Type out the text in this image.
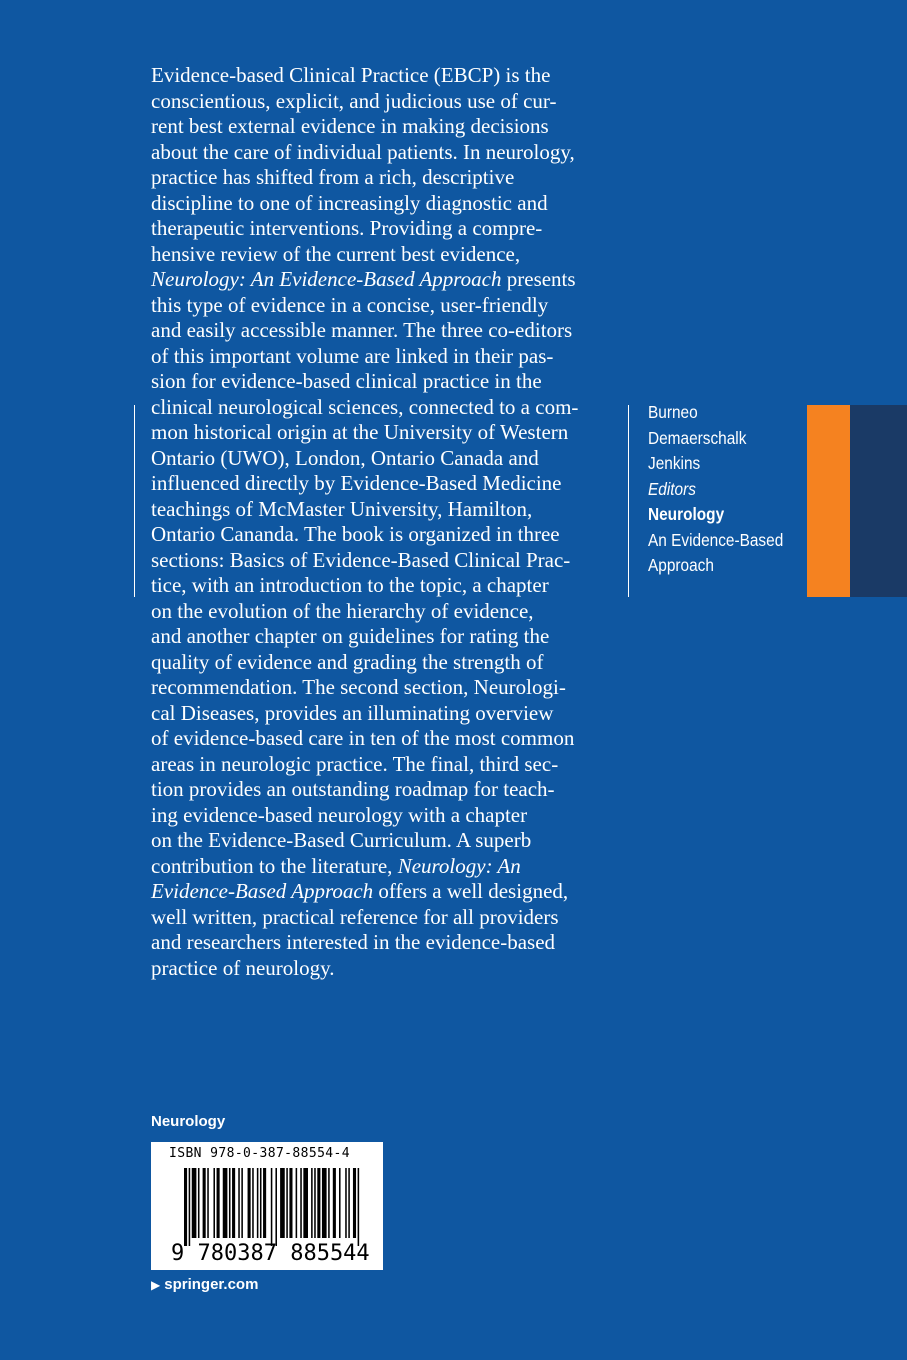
Evidence-based Clinical Practice (EBCP) is the

conscientious, explicit, and judicious use of cur-

rent best external evidence in making decisions

about the care of individual patients. In neurology,

practice has shifted from a rich, descriptive

discipline to one of increasingly diagnostic and

therapeutic interventions. Providing a compre-

hensive review of the current best evidence,

Neurology: An Evidence-Based Approach presents

this type of evidence in a concise, user-friendly

and easily accessible manner. The three co-editors

of this important volume are linked in their pas-

sion for evidence-based clinical practice in the

clinical neurological sciences, connected to a com-

mon historical origin at the University of Western

Ontario (UWO), London, Ontario Canada and

influenced directly by Evidence-Based Medicine

teachings of McMaster University, Hamilton,

Ontario Cananda. The book is organized in three

sections: Basics of Evidence-Based Clinical Prac-

tice, with an introduction to the topic, a chapter

on the evolution of the hierarchy of evidence,

and another chapter on guidelines for rating the

quality of evidence and grading the strength of

recommendation. The second section, Neurologi-

cal Diseases, provides an illuminating overview

of evidence-based care in ten of the most common

areas in neurologic practice. The final, third sec-

tion provides an outstanding roadmap for teach-

ing evidence-based neurology with a chapter

on the Evidence-Based Curriculum. A superb

contribution to the literature, Neurology: An

Evidence-Based Approach offers a well designed,

well written, practical reference for all providers

and researchers interested in the evidence-based

practice of neurology.

Burneo
Demaerschalk
Jenkins
Editors
Neurology
An Evidence-Based
Approach
Neurology
ISBN 978-0-387-88554-4
9 780387 885544
▶ springer.com
